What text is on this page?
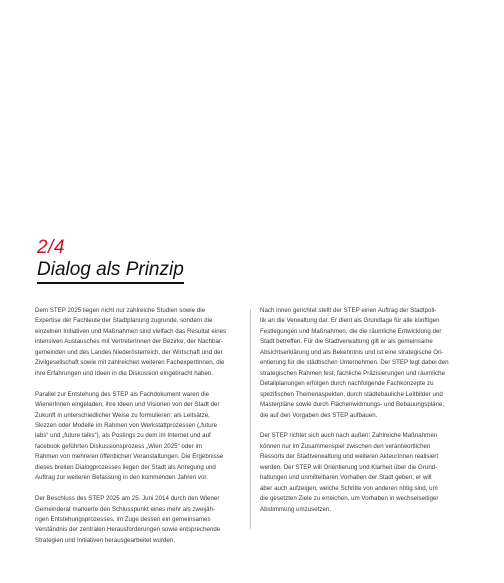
2/4
Dialog als Prinzip

Dem STEP 2025 liegen nicht nur zahlreiche Studien sowie die
Expertise der Fachleute der Stadtplanung zugrunde, sondern die
einzelnen Initiativen und Maßnahmen sind vielfach das Resultat eines
intensiven Austausches mit VertreterInnen der Bezirke, der Nachbar-
gemeinden und des Landes Niederösterreich, der Wirtschaft und der
Zivilgesellschaft sowie mit zahlreichen weiteren FachexpertInnen, die
ihre Erfahrungen und Ideen in die Diskussion eingebracht haben.

Parallel zur Entstehung des STEP als Fachdokument waren die
WienerInnen eingeladen, ihre Ideen und Visionen von der Stadt der
Zukunft in unterschiedlicher Weise zu formulieren: als Leitsätze,
Skizzen oder Modelle im Rahmen von Werkstattprozessen („future
labs“ und „future talks“), als Postings zu dem im Internet und auf
facebook geführten Diskussionsprozess „Wien 2025“ oder im
Rahmen von mehreren öffentlichen Veranstaltungen. Die Ergebnisse
dieses breiten Dialogprozesses liegen der Stadt als Anregung und
Auftrag zur weiteren Befassung in den kommenden Jahren vor.

Der Beschluss des STEP 2025 am 25. Juni 2014 durch den Wiener
Gemeinderat markierte den Schlusspunkt eines mehr als zweijäh-
rigen Entstehungsprozesses, im Zuge dessen ein gemeinsames
Verständnis der zentralen Herausforderungen sowie entsprechende
Strategien und Initiativen herausgearbeitet wurden.

Nach innen gerichtet stellt der STEP einen Auftrag der Stadtpoli-
tik an die Verwaltung dar. Er dient als Grundlage für alle künftigen
Festlegungen und Maßnahmen, die die räumliche Entwicklung der
Stadt betreffen. Für die Stadtverwaltung gilt er als gemeinsame
Absichtserklärung und als Bekenntnis und ist eine strategische Ori-
entierung für die städtischen Unternehmen. Der STEP legt dabei den
strategischen Rahmen fest, fachliche Präzisierungen und räumliche
Detailplanungen erfolgen durch nachfolgende Fachkonzepte zu
spezifischen Themenaspekten, durch städtebauliche Leitbilder und
Masterpläne sowie durch Flächenwidmungs- und Bebauungspläne,
die auf den Vorgaben des STEP aufbauen.

Der STEP richtet sich auch nach außen: Zahlreiche Maßnahmen
können nur im Zusammenspiel zwischen den verantwortlichen
Ressorts der Stadtverwaltung und weiteren AkteurInnen realisiert
werden. Der STEP will Orientierung und Klarheit über die Grund-
haltungen und unmittelbaren Vorhaben der Stadt geben; er will
aber auch aufzeigen, welche Schritte von anderen nötig sind, um
die gesetzten Ziele zu erreichen, um Vorhaben in wechselseitiger
Abstimmung umzusetzen.
